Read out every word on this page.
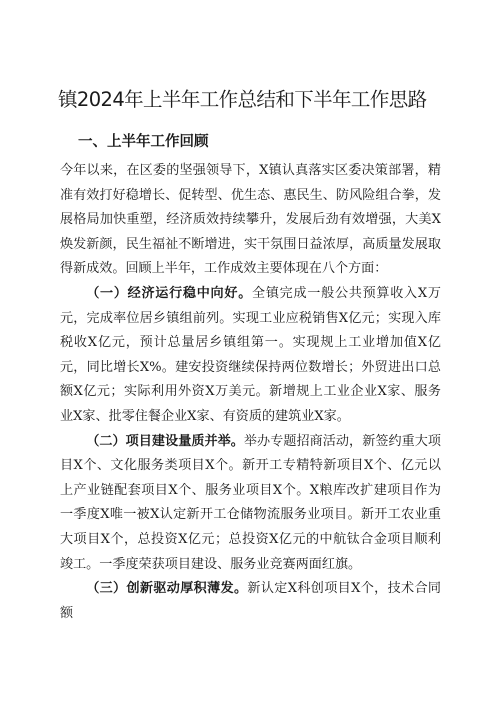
镇2024年上半年工作总结和下半年工作思路
一、上半年工作回顾

今年以来，在区委的坚强领导下，X镇认真落实区委决策部署，精准有效打好稳增长、促转型、优生态、惠民生、防风险组合拳，发展格局加快重塑，经济质效持续攀升，发展后劲有效增强，大美X焕发新颜，民生福祉不断增进，实干氛围日益浓厚，高质量发展取得新成效。回顾上半年，工作成效主要体现在八个方面：

（一）经济运行稳中向好。全镇完成一般公共预算收入X万元，完成率位居乡镇组前列。实现工业应税销售X亿元；实现入库税收X亿元，预计总量居乡镇组第一。实现规上工业增加值X亿元，同比增长X%。建安投资继续保持两位数增长；外贸进出口总额X亿元；实际利用外资X万美元。新增规上工业企业X家、服务业X家、批零住餐企业X家、有资质的建筑业X家。

（二）项目建设量质并举。举办专题招商活动，新签约重大项目X个、文化服务类项目X个。新开工专精特新项目X个、亿元以上产业链配套项目X个、服务业项目X个。X粮库改扩建项目作为一季度X唯一被X认定新开工仓储物流服务业项目。新开工农业重大项目X个，总投资X亿元；总投资X亿元的中航钛合金项目顺利竣工。一季度荣获项目建设、服务业竞赛两面红旗。

（三）创新驱动厚积薄发。新认定X科创项目X个，技术合同额
